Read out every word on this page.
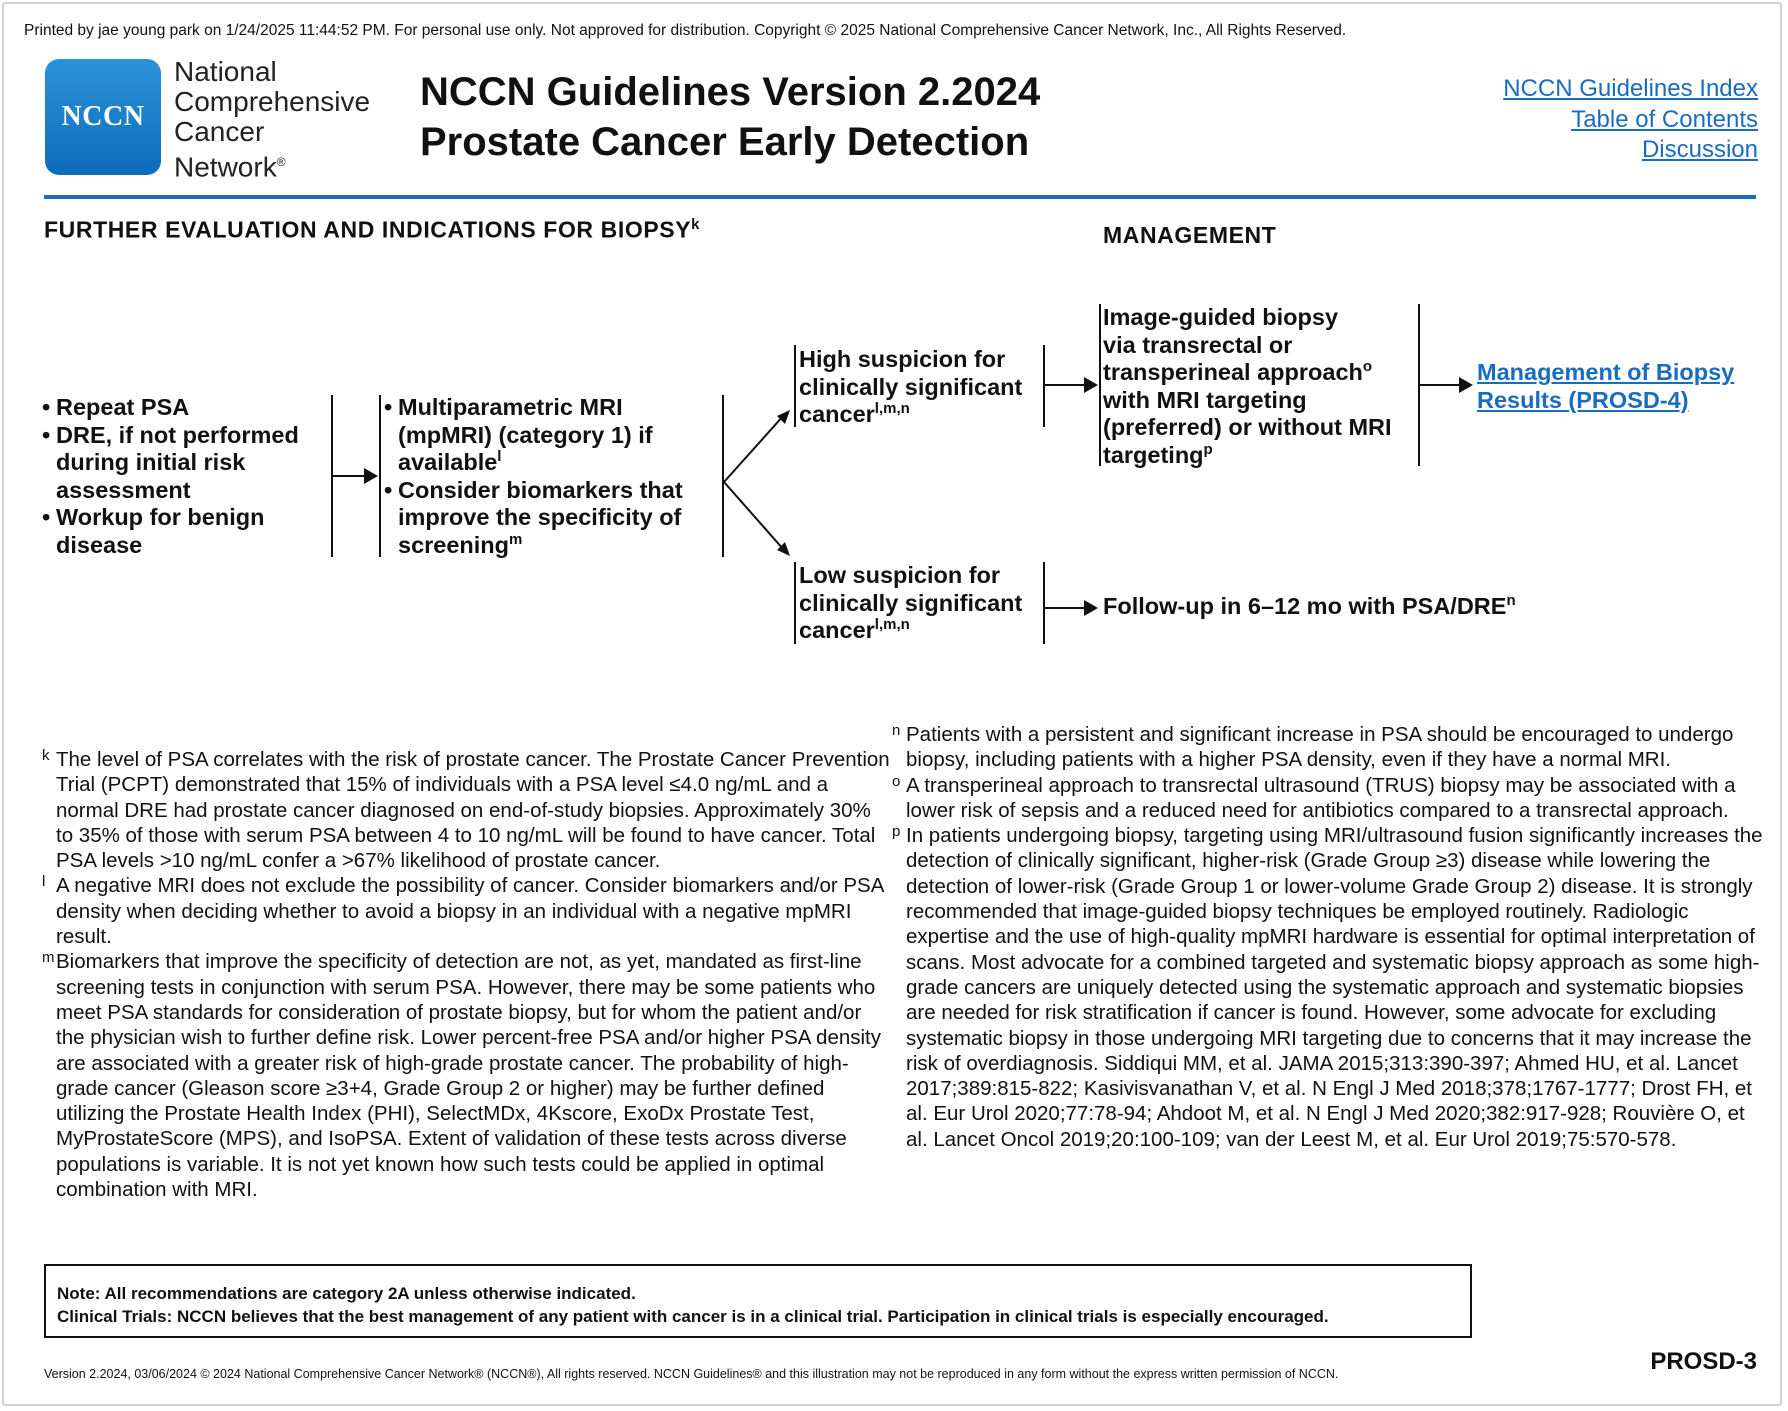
Printed by jae young park on 1/24/2025 11:44:52 PM. For personal use only. Not approved for distribution. Copyright © 2025 National Comprehensive Cancer Network, Inc., All Rights Reserved.
NCCN
National
Comprehensive
Cancer
Network®
NCCN Guidelines Version 2.2024
Prostate Cancer Early Detection
NCCN Guidelines Index
Table of Contents
Discussion
FURTHER EVALUATION AND INDICATIONS FOR BIOPSY$^k$	MANAGEMENT
• Repeat PSA
• DRE, if not performed during initial risk assessment
• Workup for benign disease
• Multiparametric MRI (mpMRI) (category 1) if available$^l$
• Consider biomarkers that improve the specificity of screening$^m$
High suspicion for clinically significant cancer$^{l,m,n}$
Image-guided biopsy
via transrectal or
transperineal approach$^o$
with MRI targeting
(preferred) or without MRI
targeting$^p$
Management of Biopsy
Results (PROSD-4)
Low suspicion for clinically significant cancer$^{l,m,n}$
Follow-up in 6–12 mo with PSA/DRE$^n$
k The level of PSA correlates with the risk of prostate cancer. The Prostate Cancer Prevention Trial (PCPT) demonstrated that 15% of individuals with a PSA level ≤4.0 ng/mL and a normal DRE had prostate cancer diagnosed on end-of-study biopsies. Approximately 30% to 35% of those with serum PSA between 4 to 10 ng/mL will be found to have cancer. Total PSA levels >10 ng/mL confer a >67% likelihood of prostate cancer.
l A negative MRI does not exclude the possibility of cancer. Consider biomarkers and/or PSA density when deciding whether to avoid a biopsy in an individual with a negative mpMRI result.
m Biomarkers that improve the specificity of detection are not, as yet, mandated as first-line screening tests in conjunction with serum PSA. However, there may be some patients who meet PSA standards for consideration of prostate biopsy, but for whom the patient and/or the physician wish to further define risk. Lower percent-free PSA and/or higher PSA density are associated with a greater risk of high-grade prostate cancer. The probability of high-grade cancer (Gleason score ≥3+4, Grade Group 2 or higher) may be further defined utilizing the Prostate Health Index (PHI), SelectMDx, 4Kscore, ExoDx Prostate Test, MyProstateScore (MPS), and IsoPSA. Extent of validation of these tests across diverse populations is variable. It is not yet known how such tests could be applied in optimal combination with MRI.
n Patients with a persistent and significant increase in PSA should be encouraged to undergo biopsy, including patients with a higher PSA density, even if they have a normal MRI.
o A transperineal approach to transrectal ultrasound (TRUS) biopsy may be associated with a lower risk of sepsis and a reduced need for antibiotics compared to a transrectal approach.
p In patients undergoing biopsy, targeting using MRI/ultrasound fusion significantly increases the detection of clinically significant, higher-risk (Grade Group ≥3) disease while lowering the detection of lower-risk (Grade Group 1 or lower-volume Grade Group 2) disease. It is strongly recommended that image-guided biopsy techniques be employed routinely. Radiologic expertise and the use of high-quality mpMRI hardware is essential for optimal interpretation of scans. Most advocate for a combined targeted and systematic biopsy approach as some high-grade cancers are uniquely detected using the systematic approach and systematic biopsies are needed for risk stratification if cancer is found. However, some advocate for excluding systematic biopsy in those undergoing MRI targeting due to concerns that it may increase the risk of overdiagnosis. Siddiqui MM, et al. JAMA 2015;313:390-397; Ahmed HU, et al. Lancet 2017;389:815-822; Kasivisvanathan V, et al. N Engl J Med 2018;378;1767-1777; Drost FH, et al. Eur Urol 2020;77:78-94; Ahdoot M, et al. N Engl J Med 2020;382:917-928; Rouvière O, et al. Lancet Oncol 2019;20:100-109; van der Leest M, et al. Eur Urol 2019;75:570-578.
Note: All recommendations are category 2A unless otherwise indicated.
Clinical Trials: NCCN believes that the best management of any patient with cancer is in a clinical trial. Participation in clinical trials is especially encouraged.
Version 2.2024, 03/06/2024 © 2024 National Comprehensive Cancer Network® (NCCN®), All rights reserved. NCCN Guidelines® and this illustration may not be reproduced in any form without the express written permission of NCCN.	PROSD-3
